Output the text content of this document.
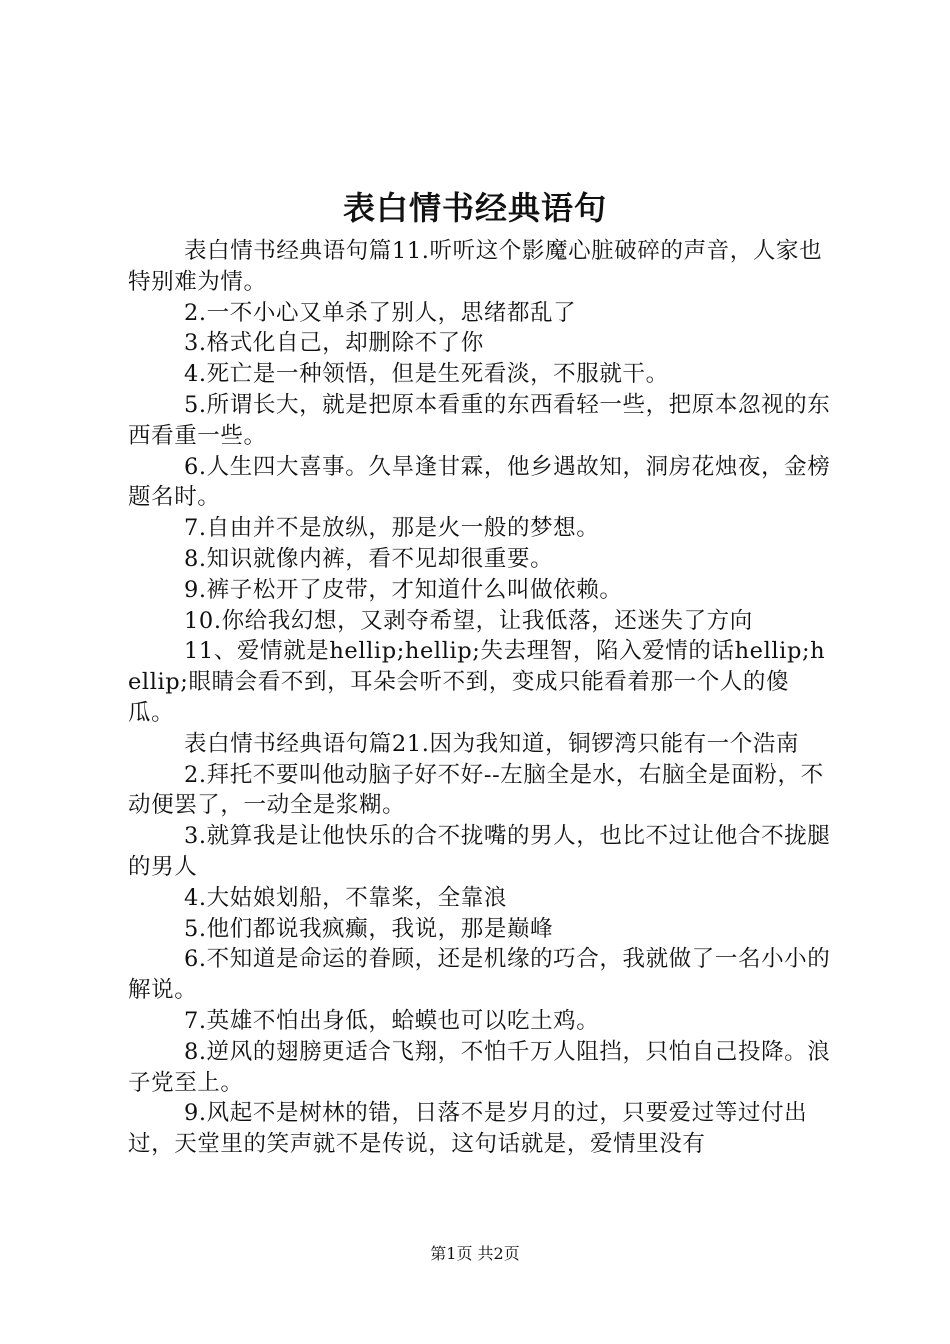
表白情书经典语句

表白情书经典语句篇11.听听这个影魔心脏破碎的声音，人家也特别难为情。

2.一不小心又单杀了别人，思绪都乱了

3.格式化自己，却删除不了你

4.死亡是一种领悟，但是生死看淡，不服就干。

5.所谓长大，就是把原本看重的东西看轻一些，把原本忽视的东西看重一些。

6.人生四大喜事。久旱逢甘霖，他乡遇故知，洞房花烛夜，金榜题名时。

7.自由并不是放纵，那是火一般的梦想。

8.知识就像内裤，看不见却很重要。

9.裤子松开了皮带，才知道什么叫做依赖。

10.你给我幻想，又剥夺希望，让我低落，还迷失了方向

11、爱情就是hellip;hellip;失去理智，陷入爱情的话hellip;hellip;眼睛会看不到，耳朵会听不到，变成只能看着那一个人的傻瓜。

表白情书经典语句篇21.因为我知道，铜锣湾只能有一个浩南

2.拜托不要叫他动脑子好不好--左脑全是水，右脑全是面粉，不动便罢了，一动全是浆糊。

3.就算我是让他快乐的合不拢嘴的男人，也比不过让他合不拢腿的男人

4.大姑娘划船，不靠桨，全靠浪

5.他们都说我疯癫，我说，那是巅峰

6.不知道是命运的眷顾，还是机缘的巧合，我就做了一名小小的解说。

7.英雄不怕出身低，蛤蟆也可以吃土鸡。

8.逆风的翅膀更适合飞翔，不怕千万人阻挡，只怕自己投降。浪子党至上。

9.风起不是树林的错，日落不是岁月的过，只要爱过等过付出过，天堂里的笑声就不是传说，这句话就是，爱情里没有

第1页 共2页
